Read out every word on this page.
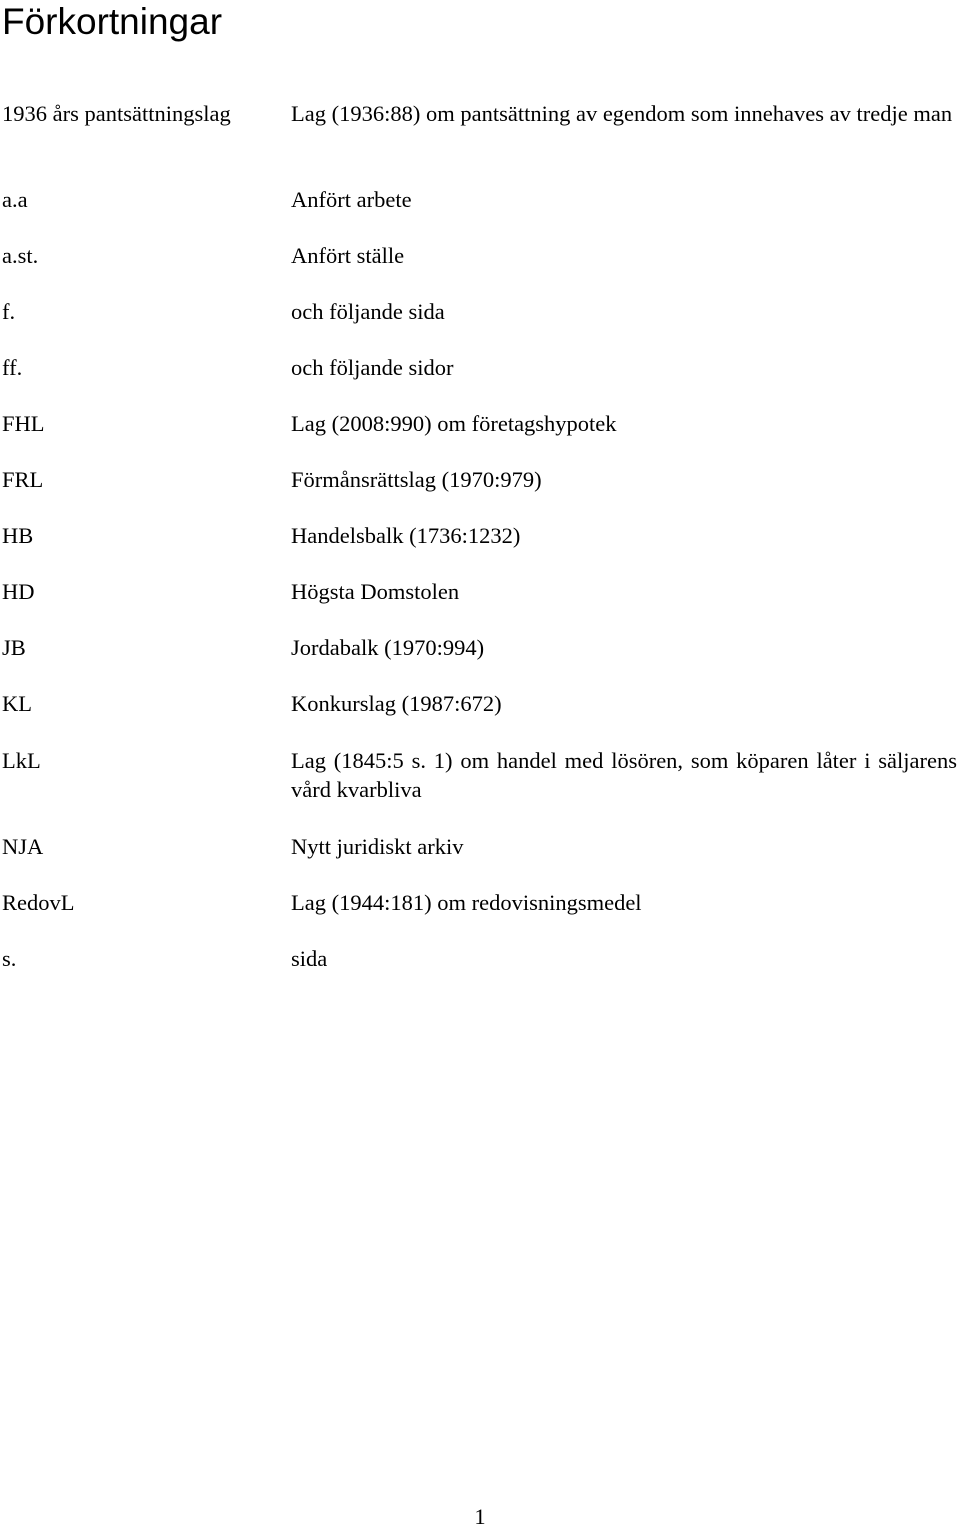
Förkortningar
1936 års pantsättningslag	Lag (1936:88) om pantsättning av egendom som innehaves av tredje man

a.a	Anfört arbete

a.st.	Anfört ställe

f.	och följande sida

ff.	och följande sidor

FHL	Lag (2008:990) om företagshypotek

FRL	Förmånsrättslag (1970:979)

HB	Handelsbalk (1736:1232)

HD	Högsta Domstolen

JB	Jordabalk (1970:994)

KL	Konkurslag (1987:672)

LkL	Lag (1845:5 s. 1) om handel med lösören, som köparen låter i säljarens vård kvarbliva

NJA	Nytt juridiskt arkiv

RedovL	Lag (1944:181) om redovisningsmedel

s.	sida

1
